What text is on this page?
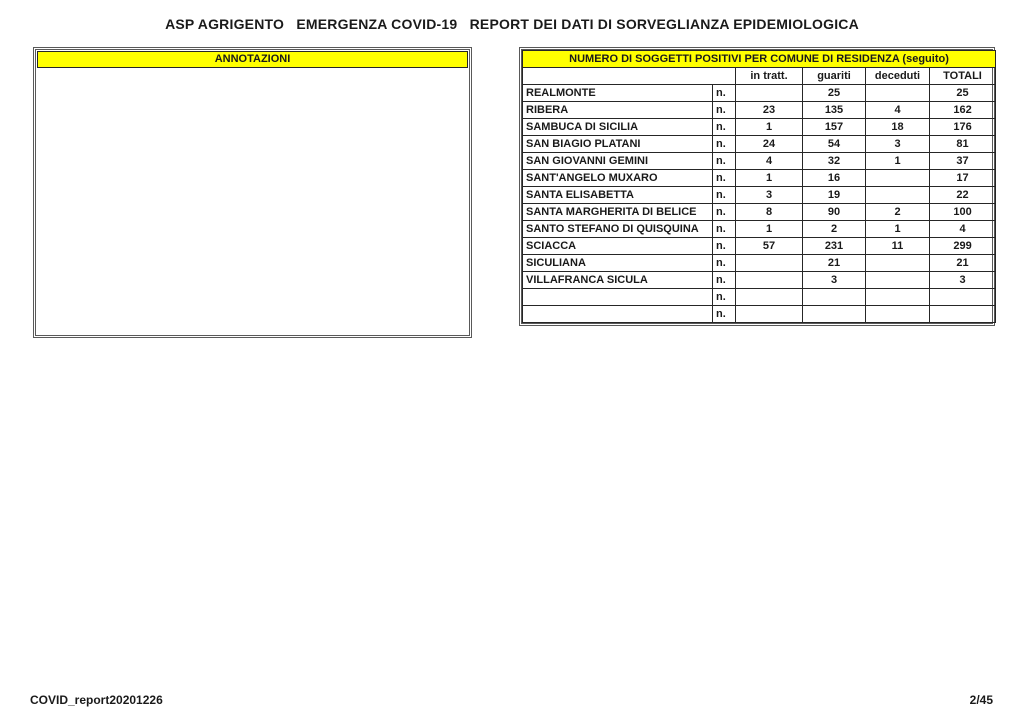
ASP AGRIGENTO   EMERGENZA COVID-19   REPORT DEI DATI DI SORVEGLIANZA EPIDEMIOLOGICA
ANNOTAZIONI	NUMERO DI SOGGETTI POSITIVI PER COMUNE DI RESIDENZA (seguito)					
		in tratt.	guariti	deceduti	TOTALI
REALMONTE	n.		25		25
RIBERA	n.	23	135	4	162
SAMBUCA DI SICILIA	n.	1	157	18	176
SAN BIAGIO PLATANI	n.	24	54	3	81
SAN GIOVANNI GEMINI	n.	4	32	1	37
SANT'ANGELO MUXARO	n.	1	16		17
SANTA ELISABETTA	n.	3	19		22
SANTA MARGHERITA DI BELICE	n.	8	90	2	100
SANTO STEFANO DI QUISQUINA	n.	1	2	1	4
SCIACCA	n.	57	231	11	299
SICULIANA	n.		21		21
VILLAFRANCA SICULA	n.		3		3
	n.				
	n.				
COVID_report20201226	2/45
